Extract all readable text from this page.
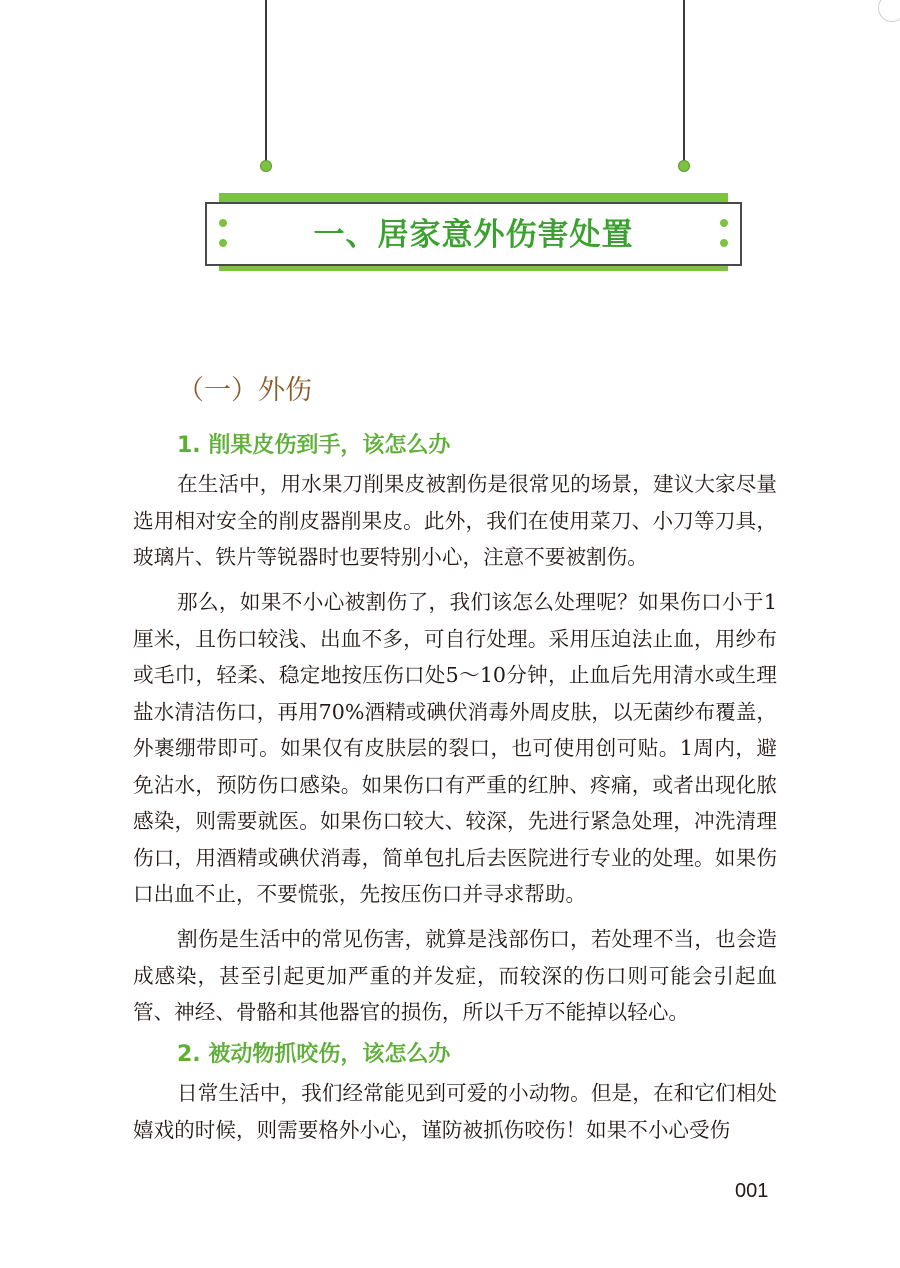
一、居家意外伤害处置
（一）外伤
1. 削果皮伤到手，该怎么办

在生活中，用水果刀削果皮被割伤是很常见的场景，建议大家尽量选用相对安全的削皮器削果皮。此外，我们在使用菜刀、小刀等刀具，玻璃片、铁片等锐器时也要特别小心，注意不要被割伤。

那么，如果不小心被割伤了，我们该怎么处理呢？如果伤口小于1厘米，且伤口较浅、出血不多，可自行处理。采用压迫法止血，用纱布或毛巾，轻柔、稳定地按压伤口处5～10分钟，止血后先用清水或生理盐水清洁伤口，再用70%酒精或碘伏消毒外周皮肤，以无菌纱布覆盖，外裹绷带即可。如果仅有皮肤层的裂口，也可使用创可贴。1周内，避免沾水，预防伤口感染。如果伤口有严重的红肿、疼痛，或者出现化脓感染，则需要就医。如果伤口较大、较深，先进行紧急处理，冲洗清理伤口，用酒精或碘伏消毒，简单包扎后去医院进行专业的处理。如果伤口出血不止，不要慌张，先按压伤口并寻求帮助。

割伤是生活中的常见伤害，就算是浅部伤口，若处理不当，也会造成感染，甚至引起更加严重的并发症，而较深的伤口则可能会引起血管、神经、骨骼和其他器官的损伤，所以千万不能掉以轻心。

2. 被动物抓咬伤，该怎么办

日常生活中，我们经常能见到可爱的小动物。但是，在和它们相处嬉戏的时候，则需要格外小心，谨防被抓伤咬伤！如果不小心受伤

001
